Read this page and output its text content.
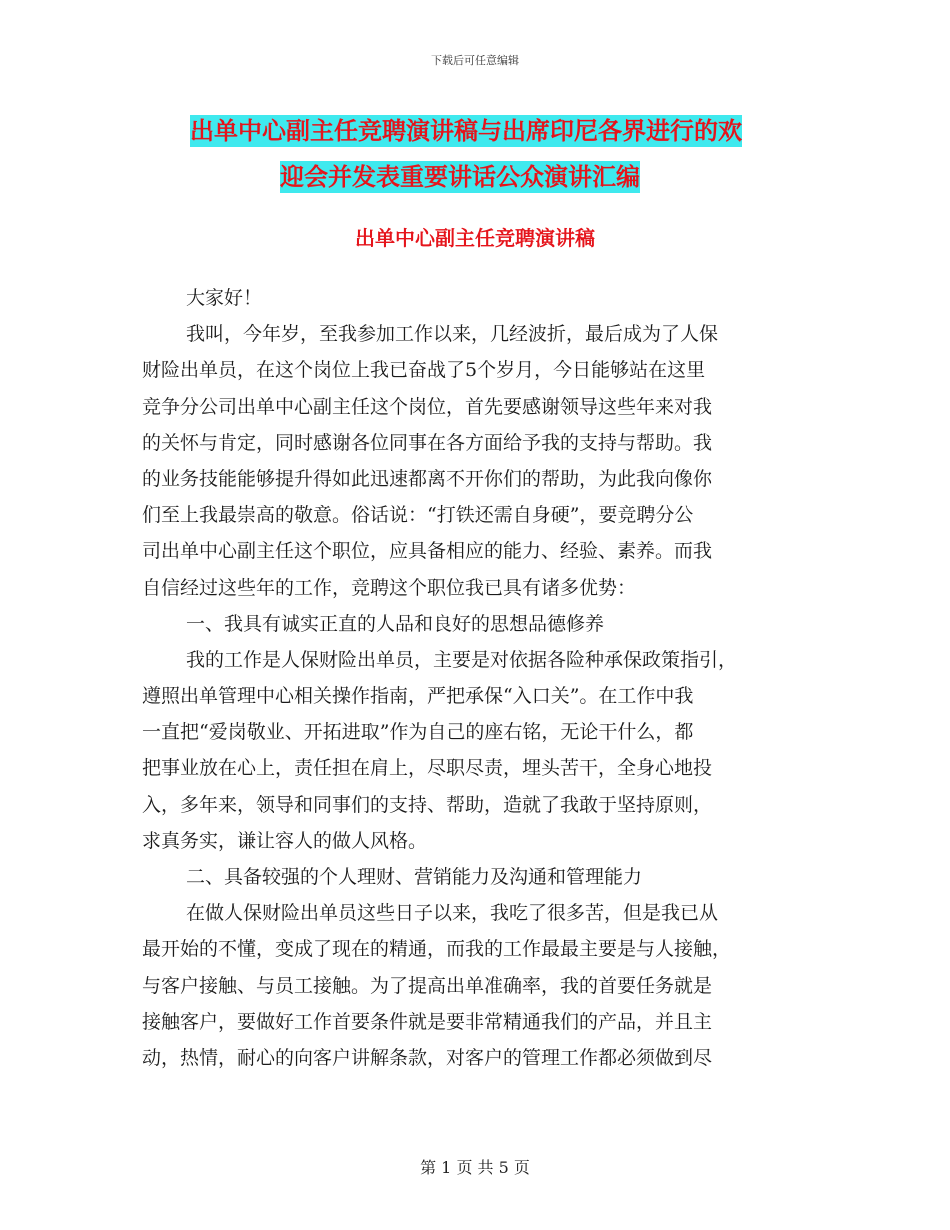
下载后可任意编辑
出单中心副主任竞聘演讲稿与出席印尼各界进行的欢
迎会并发表重要讲话公众演讲汇编
出单中心副主任竞聘演讲稿
大家好！
我叫，今年岁，至我参加工作以来，几经波折，最后成为了人保
财险出单员，在这个岗位上我已奋战了5个岁月，今日能够站在这里
竞争分公司出单中心副主任这个岗位，首先要感谢领导这些年来对我
的关怀与肯定，同时感谢各位同事在各方面给予我的支持与帮助。我
的业务技能能够提升得如此迅速都离不开你们的帮助，为此我向像你
们至上我最崇高的敬意。俗话说：“打铁还需自身硬”，要竞聘分公
司出单中心副主任这个职位，应具备相应的能力、经验、素养。而我
自信经过这些年的工作，竞聘这个职位我已具有诸多优势：
一、我具有诚实正直的人品和良好的思想品德修养
我的工作是人保财险出单员，主要是对依据各险种承保政策指引，
遵照出单管理中心相关操作指南，严把承保“入口关”。在工作中我
一直把“爱岗敬业、开拓进取”作为自己的座右铭，无论干什么，都
把事业放在心上，责任担在肩上，尽职尽责，埋头苦干，全身心地投
入，多年来，领导和同事们的支持、帮助，造就了我敢于坚持原则，
求真务实，谦让容人的做人风格。
二、具备较强的个人理财、营销能力及沟通和管理能力
在做人保财险出单员这些日子以来，我吃了很多苦，但是我已从
最开始的不懂，变成了现在的精通，而我的工作最最主要是与人接触，
与客户接触、与员工接触。为了提高出单准确率，我的首要任务就是
接触客户，要做好工作首要条件就是要非常精通我们的产品，并且主
动，热情，耐心的向客户讲解条款，对客户的管理工作都必须做到尽
第 1 页 共 5 页
